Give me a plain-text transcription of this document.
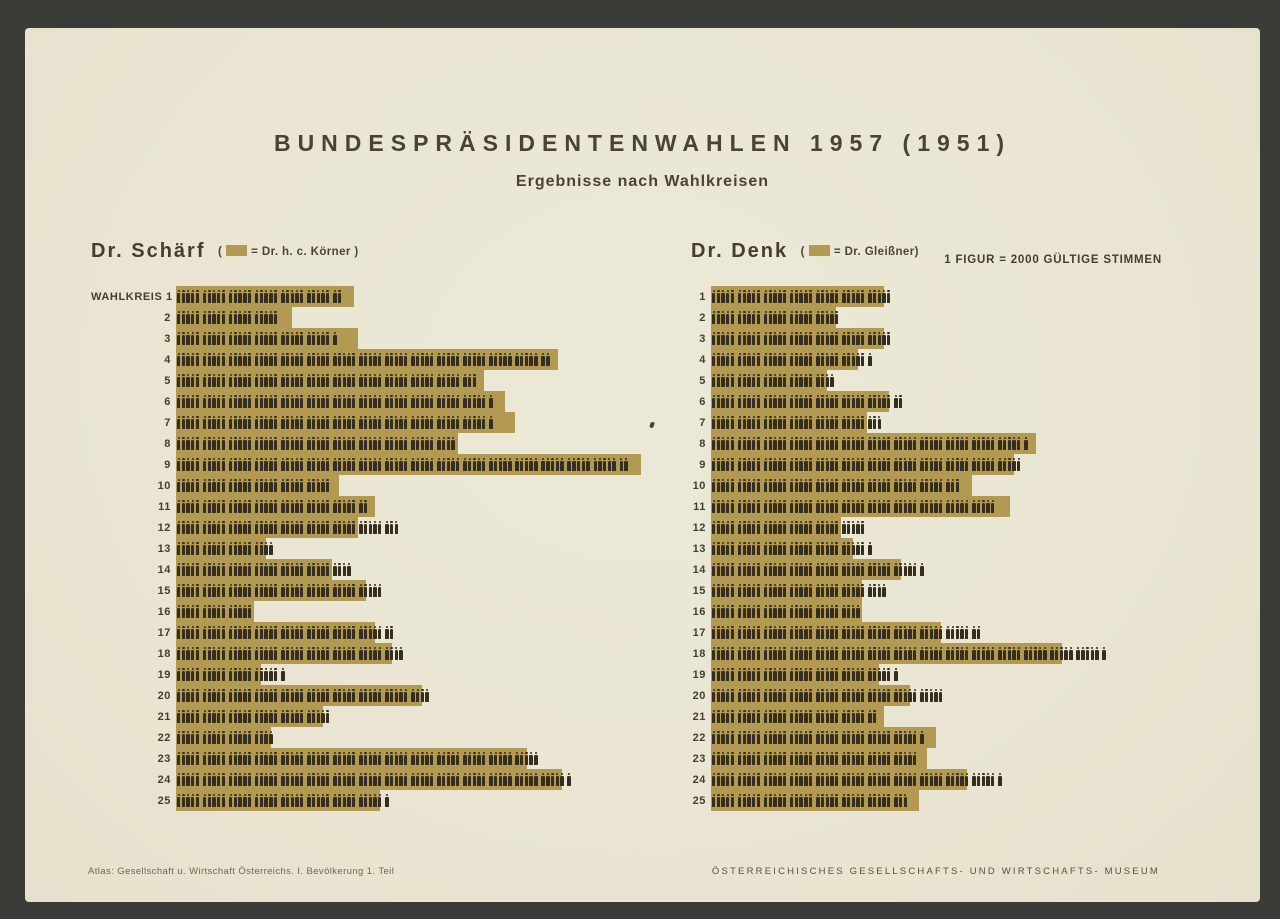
BUNDESPRÄSIDENTENWAHLEN 1957 (1951)
Ergebnisse nach Wahlkreisen
Dr. Schärf (	= Dr. h. c. Körner )	Dr. Denk (	= Dr. Gleißner)
1 FIGUR = 2000 GÜLTIGE STIMMEN
WAHLKREIS 1
2
3
4
5
6
7
8
9
10
11
12
13
14
15
16
17
18
19
20
21
22
23
24
25
1
2
3
4
5
6
7
8
9
10
11
12
13
14
15
16
17
18
19
20
21
22
23
24
25
Atlas: Gesellschaft u. Wirtschaft Österreichs. I. Bevölkerung 1. Teil	ÖSTERREICHISCHES GESELLSCHAFTS- UND WIRTSCHAFTS- MUSEUM
